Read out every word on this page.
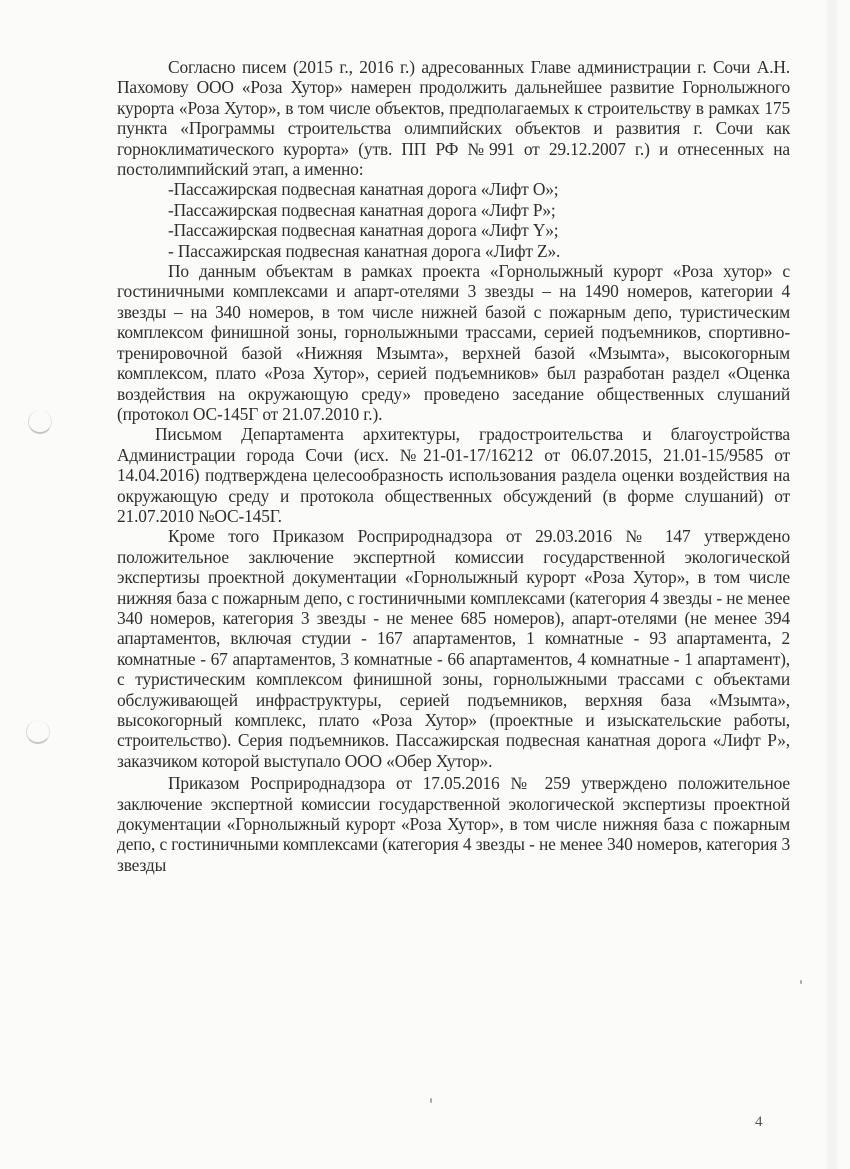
Согласно писем (2015 г., 2016 г.) адресованных Главе администрации г. Сочи А.Н. Пахомову ООО «Роза Хутор» намерен продолжить дальнейшее развитие Горнолыжного курорта «Роза Хутор», в том числе объектов, предполагаемых к строительству в рамках 175 пункта «Программы строительства олимпийских объектов и развития г. Сочи как горноклиматического курорта» (утв. ПП РФ №991 от 29.12.2007 г.) и отнесенных на постолимпийский этап, а именно:

-Пассажирская подвесная канатная дорога «Лифт О»;

-Пассажирская подвесная канатная дорога «Лифт P»;

-Пассажирская подвесная канатная дорога «Лифт Y»;

- Пассажирская подвесная канатная дорога «Лифт Z».

По данным объектам в рамках проекта «Горнолыжный курорт «Роза хутор» с гостиничными комплексами и апарт-отелями 3 звезды – на 1490 номеров, категории 4 звезды – на 340 номеров, в том числе нижней базой с пожарным депо, туристическим комплексом финишной зоны, горнолыжными трассами, серией подъемников, спортивно-тренировочной базой «Нижняя Мзымта», верхней базой «Мзымта», высокогорным комплексом, плато «Роза Хутор», серией подъемников» был разработан раздел «Оценка воздействия на окружающую среду» проведено заседание общественных слушаний (протокол ОС-145Г от 21.07.2010 г.).

Письмом Департамента архитектуры, градостроительства и благоустройства Администрации города Сочи (исх. №21-01-17/16212 от 06.07.2015, 21.01-15/9585 от 14.04.2016) подтверждена целесообразность использования раздела оценки воздействия на окружающую среду и протокола общественных обсуждений (в форме слушаний) от 21.07.2010 №ОС-145Г.

Кроме того Приказом Росприроднадзора от 29.03.2016 № 147 утверждено положительное заключение экспертной комиссии государственной экологической экспертизы проектной документации «Горнолыжный курорт «Роза Хутор», в том числе нижняя база с пожарным депо, с гостиничными комплексами (категория 4 звезды - не менее 340 номеров, категория 3 звезды - не менее 685 номеров), апарт-отелями (не менее 394 апартаментов, включая студии - 167 апартаментов, 1 комнатные - 93 апартамента, 2 комнатные - 67 апартаментов, 3 комнатные - 66 апартаментов, 4 комнатные - 1 апартамент), с туристическим комплексом финишной зоны, горнолыжными трассами с объектами обслуживающей инфраструктуры, серией подъемников, верхняя база «Мзымта», высокогорный комплекс, плато «Роза Хутор» (проектные и изыскательские работы, строительство). Серия подъемников. Пассажирская подвесная канатная дорога «Лифт Р», заказчиком которой выступало ООО «Обер Хутор».

Приказом Росприроднадзора от 17.05.2016 № 259 утверждено положительное заключение экспертной комиссии государственной экологической экспертизы проектной документации «Горнолыжный курорт «Роза Хутор», в том числе нижняя база с пожарным депо, с гостиничными комплексами (категория 4 звезды - не менее 340 номеров, категория 3 звезды

4
